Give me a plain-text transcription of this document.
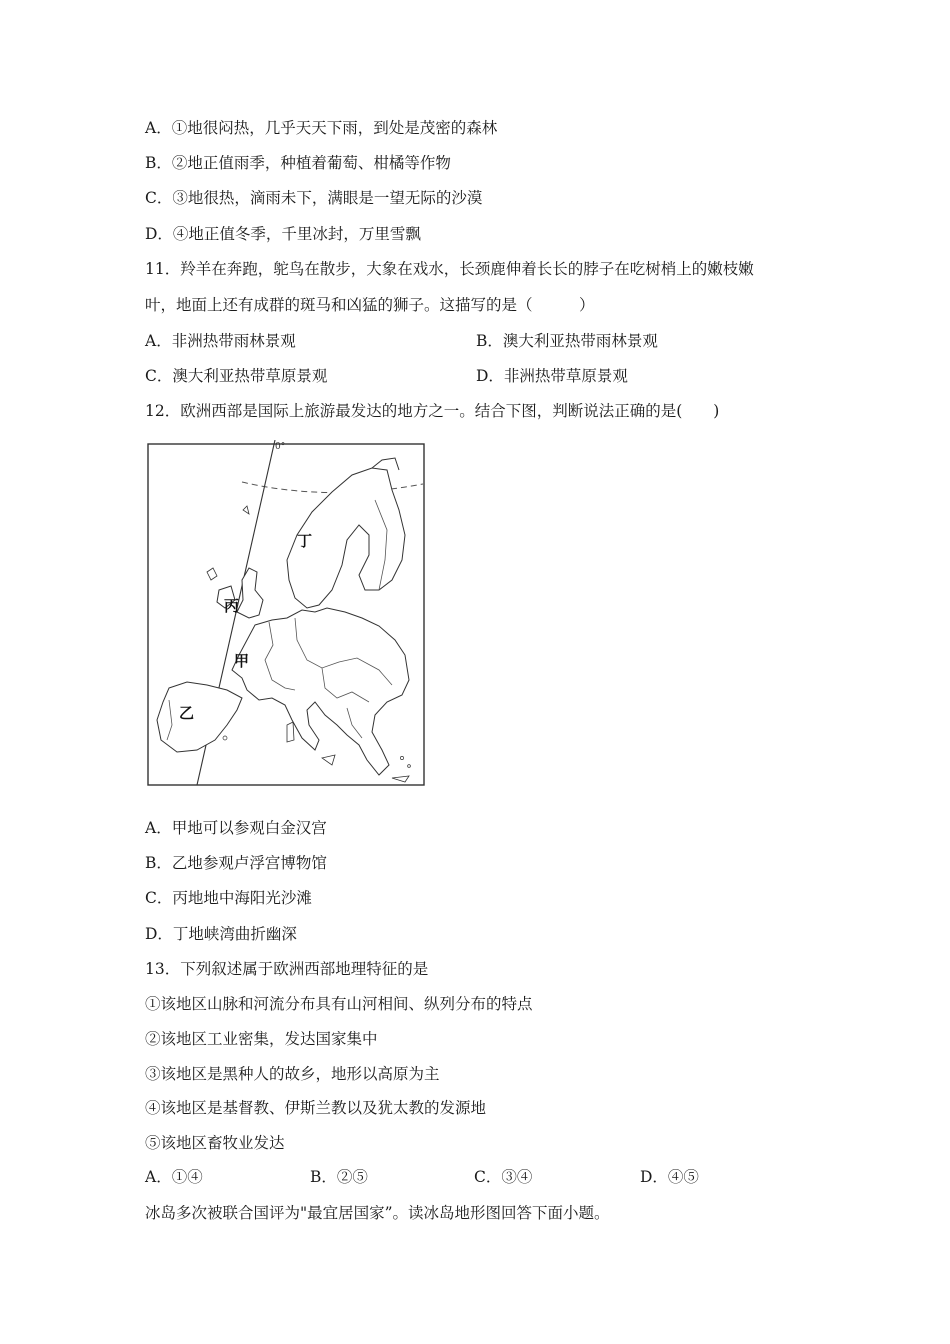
A．①地很闷热，几乎天天下雨，到处是茂密的森林
B．②地正值雨季，种植着葡萄、柑橘等作物
C．③地很热，滴雨未下，满眼是一望无际的沙漠
D．④地正值冬季，千里冰封，万里雪飘
11．羚羊在奔跑，鸵鸟在散步，大象在戏水，长颈鹿伸着长长的脖子在吃树梢上的嫩枝嫩
叶，地面上还有成群的斑马和凶猛的狮子。这描写的是（　　　）
A．非洲热带雨林景观	B．澳大利亚热带雨林景观
C．澳大利亚热带草原景观	D．非洲热带草原景观
12．欧洲西部是国际上旅游最发达的地方之一。结合下图，判断说法正确的是(　　)
0°
丁
丙
甲
乙
A．甲地可以参观白金汉宫
B．乙地参观卢浮宫博物馆
C．丙地地中海阳光沙滩
D．丁地峡湾曲折幽深
13．下列叙述属于欧洲西部地理特征的是
①该地区山脉和河流分布具有山河相间、纵列分布的特点
②该地区工业密集，发达国家集中
③该地区是黑种人的故乡，地形以高原为主
④该地区是基督教、伊斯兰教以及犹太教的发源地
⑤该地区畜牧业发达
A．①④	B．②⑤	C．③④	D．④⑤
冰岛多次被联合国评为"最宜居国家”。读冰岛地形图回答下面小题。
